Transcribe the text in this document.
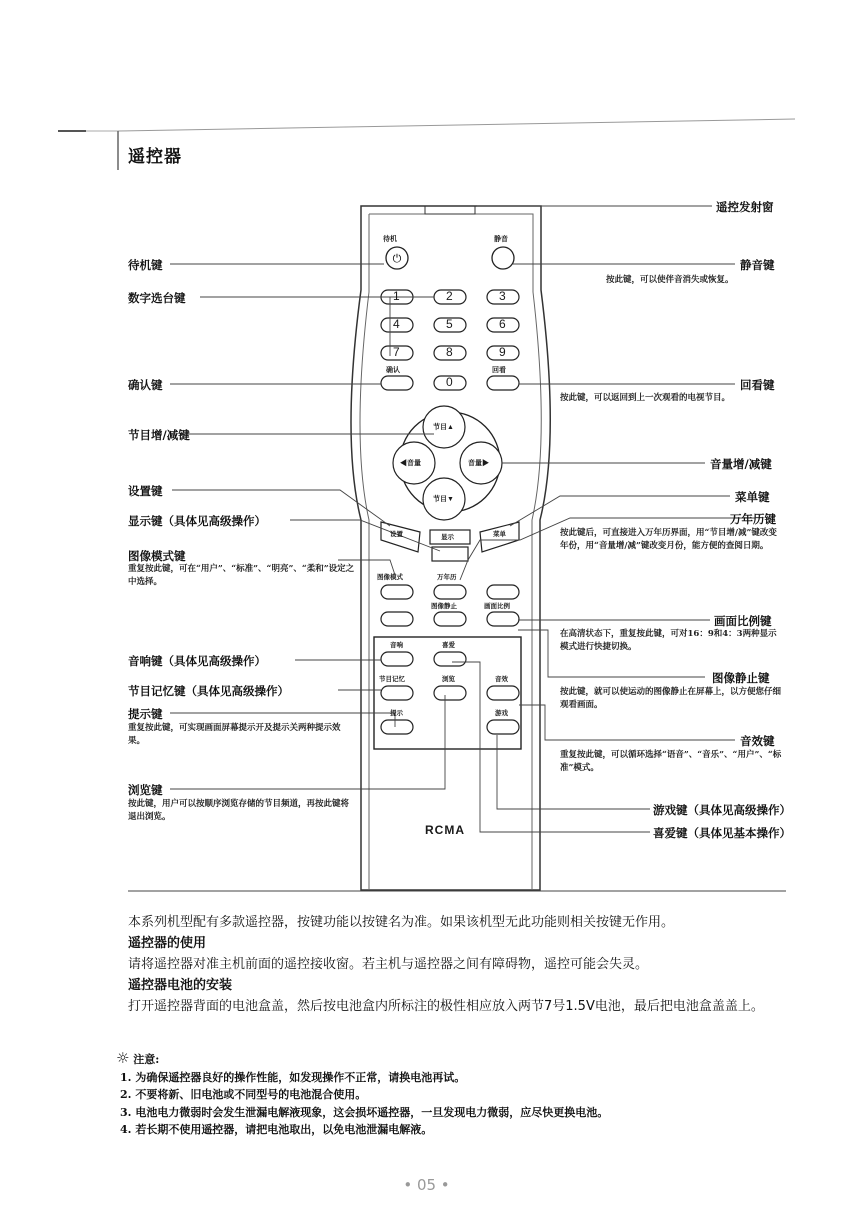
遥控器
⏻
待机	静音
1	2	3
4	5	6
7	8	9
确认
0
回看
节目▲
节目▼
◀音量	音量▶
设置	显示	菜单
图像模式	万年历
图像静止	画面比例
音响	喜爱
节目记忆	浏览	音效
提示	游戏
RCMA
待机键
数字选台键
确认键
节目增/减键
设置键
显示键（具体见高级操作）
图像模式键
重复按此键，可在“用户”、“标准”、“明亮”、“柔和”设定之中选择。
音响键（具体见高级操作）
节目记忆键（具体见高级操作）
提示键
重复按此键，可实现画面屏幕提示开及提示关两种提示效果。
浏览键
按此键，用户可以按顺序浏览存储的节目频道，再按此键将退出浏览。
遥控发射窗
静音键
按此键，可以使伴音消失或恢复。
回看键
按此键，可以返回到上一次观看的电视节目。
音量增/减键
菜单键
万年历键
按此键后，可直接进入万年历界面，用“节目增/减”键改变年份，用“音量增/减”键改变月份，能方便的查阅日期。
画面比例键
在高清状态下，重复按此键，可对16：9和4：3两种显示模式进行快捷切换。
图像静止键
按此键，就可以使运动的图像静止在屏幕上，以方便您仔细观看画面。
音效键
重复按此键，可以循环选择“语音”、“音乐”、“用户”、“标准”模式。
游戏键（具体见高级操作）
喜爱键（具体见基本操作）

本系列机型配有多款遥控器，按键功能以按键名为准。如果该机型无此功能则相关按键无作用。

遥控器的使用

请将遥控器对准主机前面的遥控接收窗。若主机与遥控器之间有障碍物，遥控可能会失灵。

遥控器电池的安装

打开遥控器背面的电池盒盖，然后按电池盒内所标注的极性相应放入两节7号1.5V电池，最后把电池盒盖盖上。

☼ 注意:

1. 为确保遥控器良好的操作性能，如发现操作不正常，请换电池再试。

2. 不要将新、旧电池或不同型号的电池混合使用。

3. 电池电力微弱时会发生泄漏电解液现象，这会损坏遥控器，一旦发现电力微弱，应尽快更换电池。

4. 若长期不使用遥控器，请把电池取出，以免电池泄漏电解液。

• 05 •
